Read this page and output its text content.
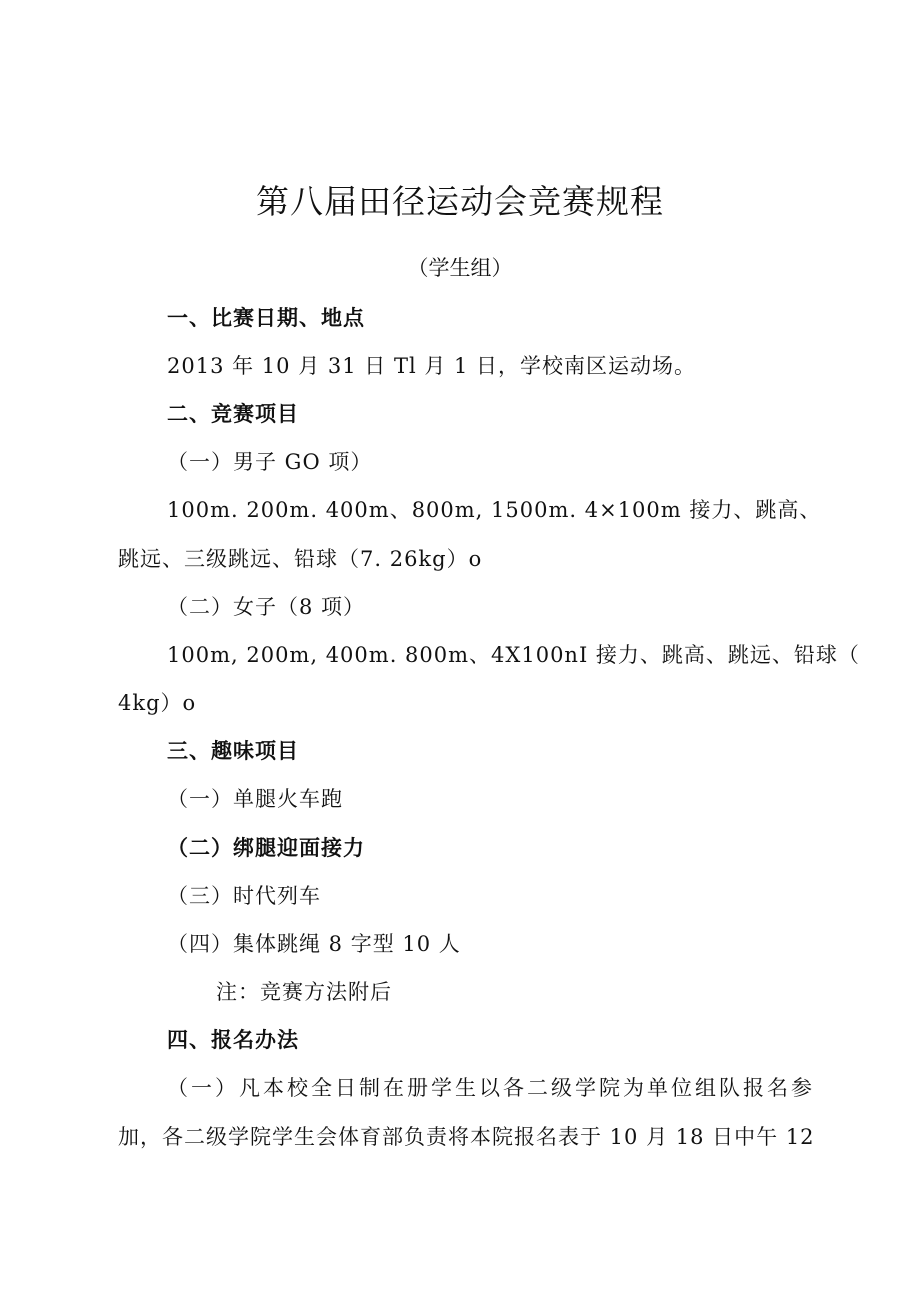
第八届田径运动会竞赛规程
（学生组）
一、比赛日期、地点
2013 年 10 月 31 日 Tl 月 1 日，学校南区运动场。
二、竞赛项目
（一）男子 GO 项）
100m. 200m. 400m、800m, 1500m. 4×100m 接力、跳高、
跳远、三级跳远、铅球（7. 26kg）o
（二）女子（8 项）
100m, 200m, 400m. 800m、4X100nI 接力、跳高、跳远、铅球（
4kg）o
三、趣味项目
（一）单腿火车跑
（二）绑腿迎面接力
（三）时代列车
（四）集体跳绳 8 字型 10 人
注：竞赛方法附后
四、报名办法
（一）凡本校全日制在册学生以各二级学院为单位组队报名参
加，各二级学院学生会体育部负责将本院报名表于 10 月 18 日中午 12
